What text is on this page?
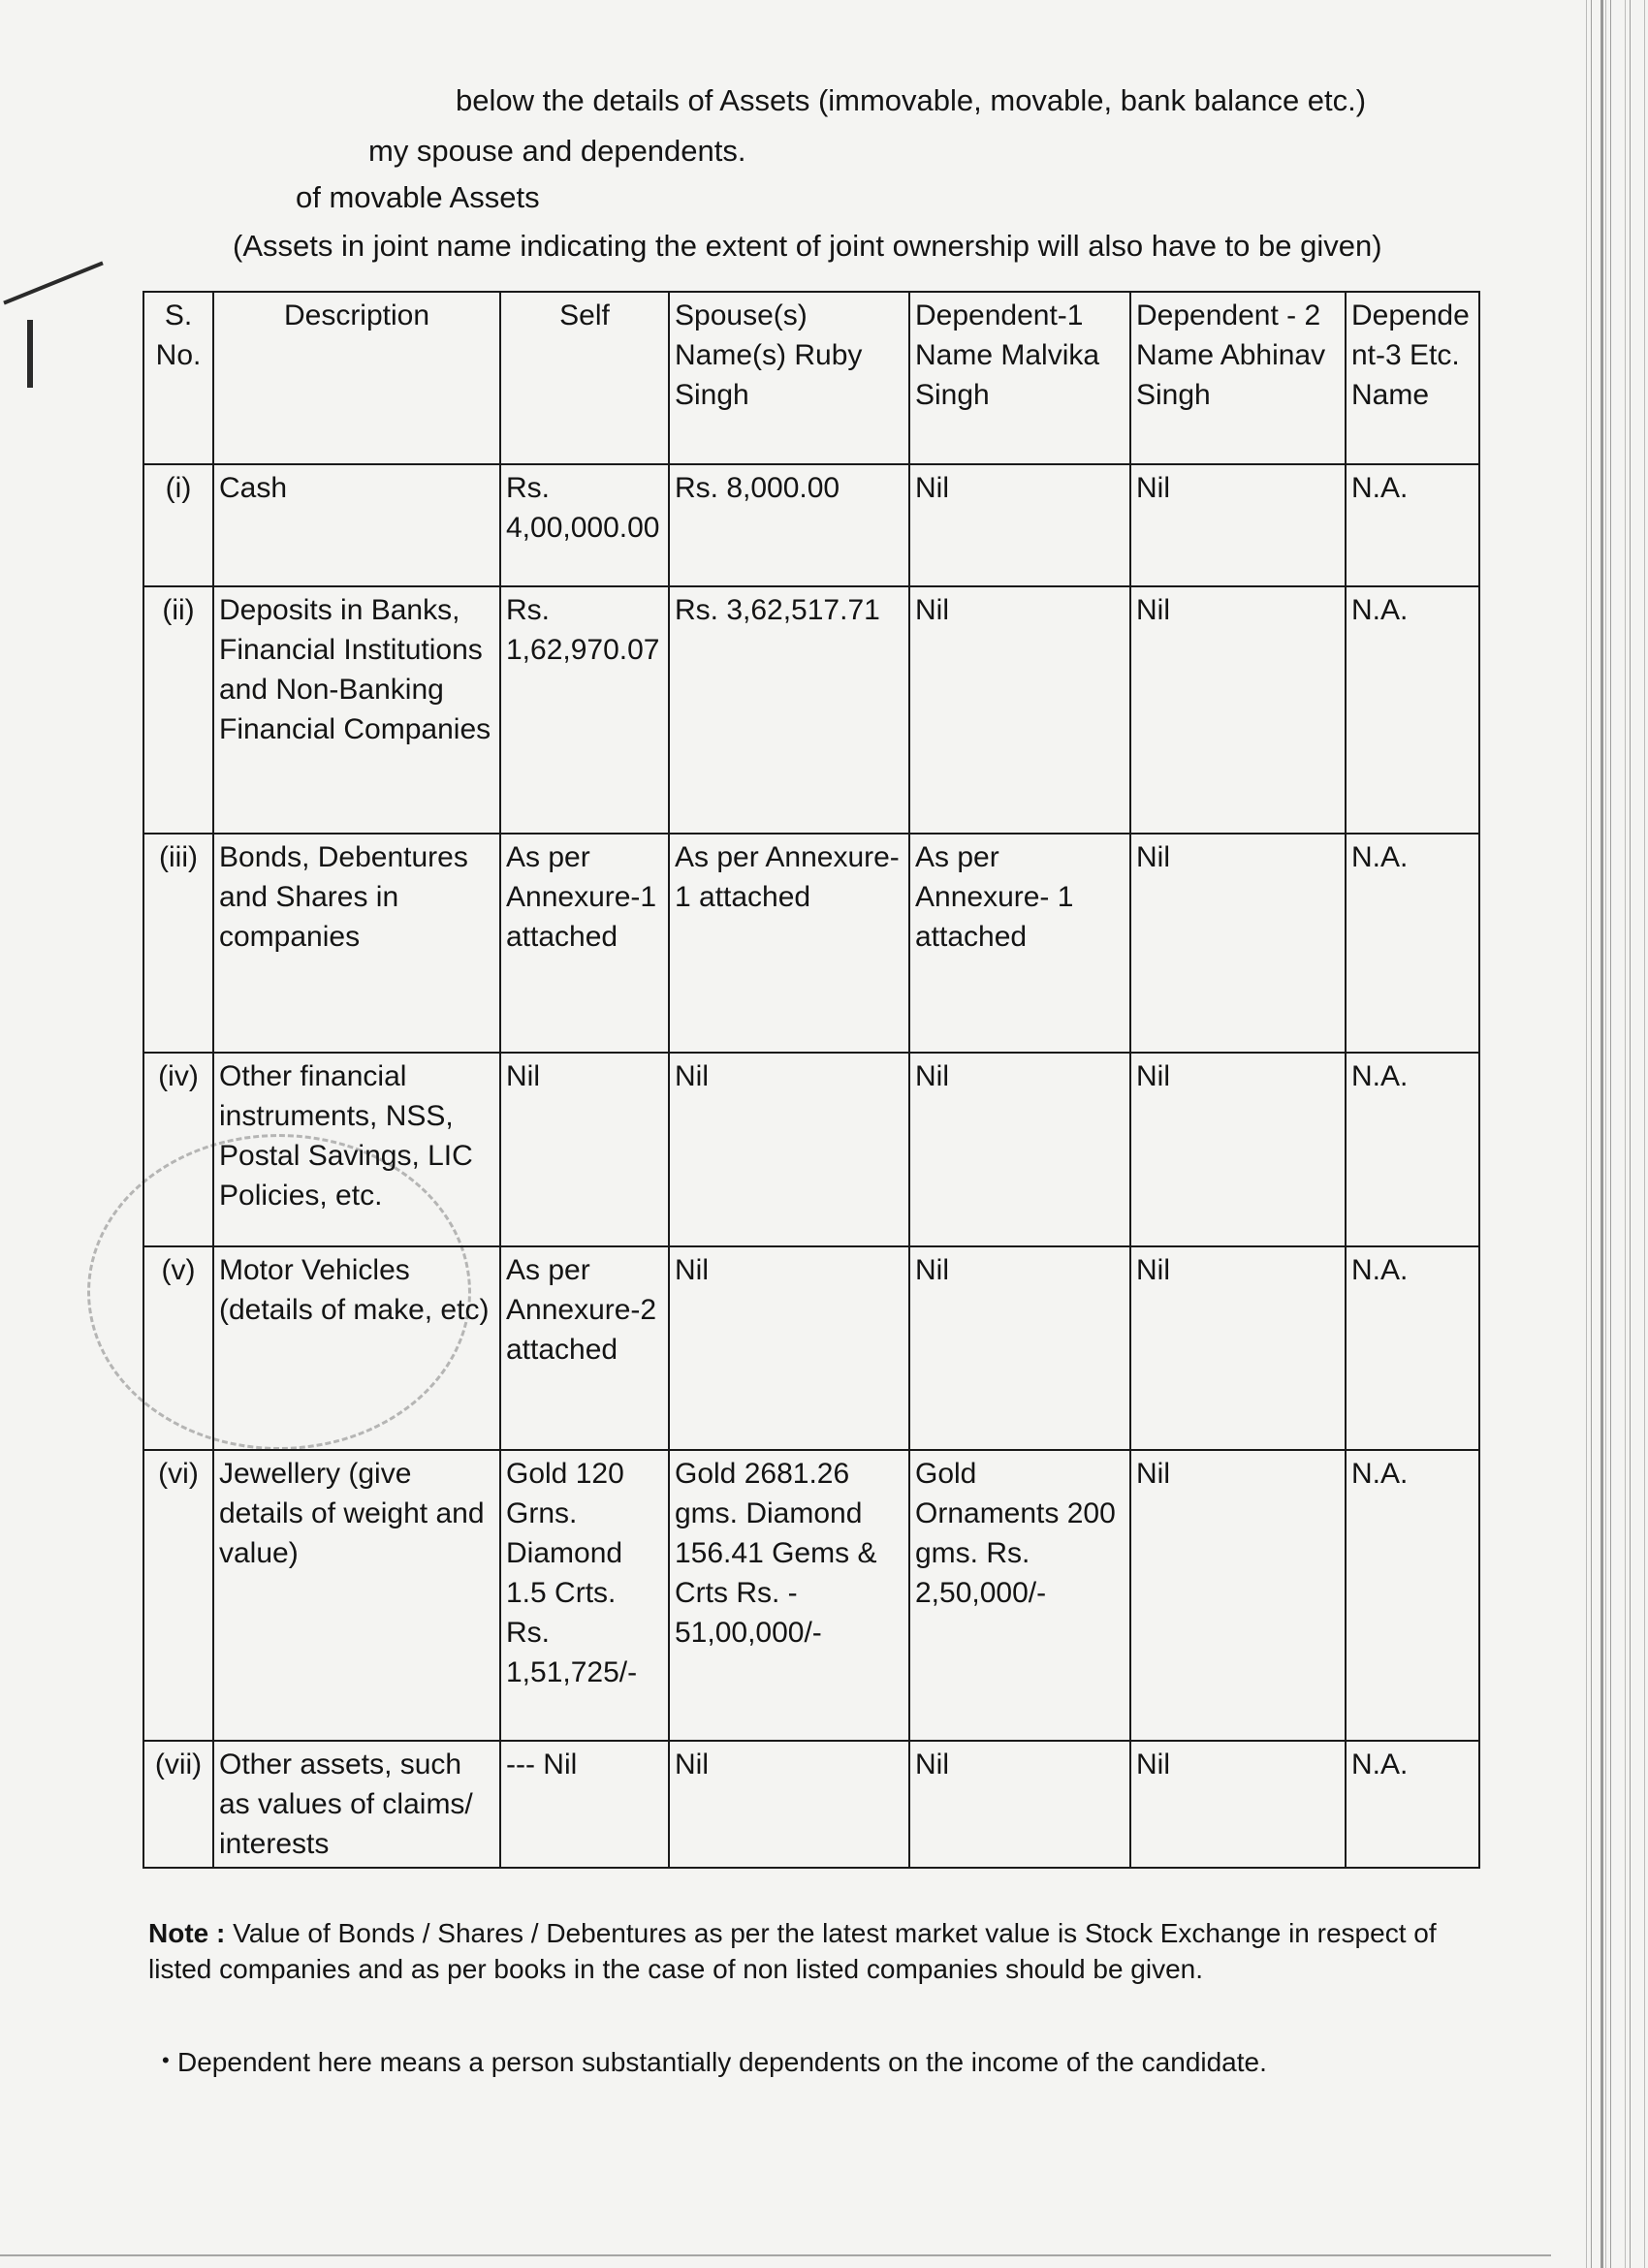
below the details of Assets (immovable, movable, bank balance etc.)
my spouse and dependents.
of movable Assets
(Assets in joint name indicating the extent of joint ownership will also have to be given)
S. No.	Description	Self	Spouse(s) Name(s) Ruby Singh	Dependent-1 Name Malvika Singh	Dependent - 2 Name Abhinav Singh	Dependent-3 Etc. Name
(i)	Cash	Rs. 4,00,000.00	Rs. 8,000.00	Nil	Nil	N.A.
(ii)	Deposits in Banks, Financial Institutions and Non-Banking Financial Companies	Rs. 1,62,970.07	Rs. 3,62,517.71	Nil	Nil	N.A.
(iii)	Bonds, Debentures and Shares in companies	As per Annexure-1 attached	As per Annexure-1 attached	As per Annexure- 1 attached	Nil	N.A.
(iv)	Other financial instruments, NSS, Postal Savings, LIC Policies, etc.	Nil	Nil	Nil	Nil	N.A.
(v)	Motor Vehicles (details of make, etc)	As per Annexure-2 attached	Nil	Nil	Nil	N.A.
(vi)	Jewellery (give details of weight and value)	Gold 120 Grns. Diamond 1.5 Crts. Rs. 1,51,725/-	Gold 2681.26 gms. Diamond 156.41 Gems & Crts Rs. - 51,00,000/-	Gold Ornaments 200 gms. Rs. 2,50,000/-	Nil	N.A.
(vii)	Other assets, such as values of claims/ interests	--- Nil	Nil	Nil	Nil	N.A.
Note : Value of Bonds / Shares / Debentures as per the latest market value is Stock Exchange in respect of listed companies and as per books in the case of non listed companies should be given.
• Dependent here means a person substantially dependents on the income of the candidate.
